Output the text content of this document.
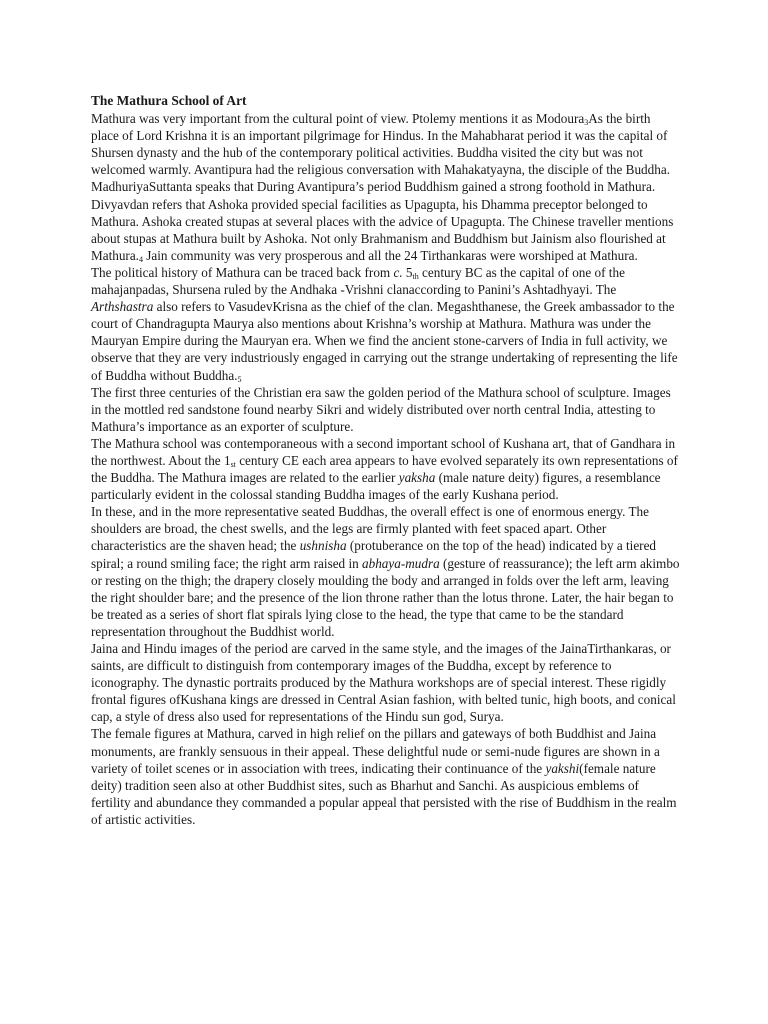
The Mathura School of Art

Mathura was very important from the cultural point of view. Ptolemy mentions it as Modoura$_3$As the birth place of Lord Krishna it is an important pilgrimage for Hindus. In the Mahabharat period it was the capital of Shursen dynasty and the hub of the contemporary political activities. Buddha visited the city but was not welcomed warmly. Avantipura had the religious conversation with Mahakatyayna, the disciple of the Buddha. MadhuriyaSuttanta speaks that During Avantipura’s period Buddhism gained a strong foothold in Mathura. Divyavdan refers that Ashoka provided special facilities as Upagupta, his Dhamma preceptor belonged to Mathura. Ashoka created stupas at several places with the advice of Upagupta. The Chinese traveller mentions about stupas at Mathura built by Ashoka. Not only Brahmanism and Buddhism but Jainism also flourished at $Mathura._4$ Jain community was very prosperous and all the 24 Tirthankaras were worshiped at Mathura.

The political history of Mathura can be traced back from c. $5_{th}$ century BC as the capital of one of the mahajanpadas, Shursena ruled by the Andhaka -Vrishni clanaccording to Panini’s Ashtadhyayi. The Arthshastra also refers to VasudevKrisna as the chief of the clan. Megashthanese, the Greek ambassador to the court of Chandragupta Maurya also mentions about Krishna’s worship at Mathura. Mathura was under the Mauryan Empire during the Mauryan era. When we find the ancient stone-carvers of India in full activity, we observe that they are very industriously engaged in carrying out the strange undertaking of representing the life of Buddha without $Buddha._5$

The first three centuries of the Christian era saw the golden period of the Mathura school of sculpture. Images in the mottled red sandstone found nearby Sikri and widely distributed over north central India, attesting to Mathura’s importance as an exporter of sculpture.

The Mathura school was contemporaneous with a second important school of Kushana art, that of Gandhara in the northwest. About the $1_{st}$ century CE each area appears to have evolved separately its own representations of the Buddha. The Mathura images are related to the earlier yaksha (male nature deity) figures, a resemblance particularly evident in the colossal standing Buddha images of the early Kushana period.

In these, and in the more representative seated Buddhas, the overall effect is one of enormous energy. The shoulders are broad, the chest swells, and the legs are firmly planted with feet spaced apart. Other characteristics are the shaven head; the ushnisha (protuberance on the top of the head) indicated by a tiered spiral; a round smiling face; the right arm raised in abhaya-mudra (gesture of reassurance); the left arm akimbo or resting on the thigh; the drapery closely moulding the body and arranged in folds over the left arm, leaving the right shoulder bare; and the presence of the lion throne rather than the lotus throne. Later, the hair began to be treated as a series of short flat spirals lying close to the head, the type that came to be the standard representation throughout the Buddhist world.

Jaina and Hindu images of the period are carved in the same style, and the images of the JainaTirthankaras, or saints, are difficult to distinguish from contemporary images of the Buddha, except by reference to iconography. The dynastic portraits produced by the Mathura workshops are of special interest. These rigidly frontal figures ofKushana kings are dressed in Central Asian fashion, with belted tunic, high boots, and conical cap, a style of dress also used for representations of the Hindu sun god, Surya.

The female figures at Mathura, carved in high relief on the pillars and gateways of both Buddhist and Jaina monuments, are frankly sensuous in their appeal. These delightful nude or semi-nude figures are shown in a variety of toilet scenes or in association with trees, indicating their continuance of the yakshi(female nature deity) tradition seen also at other Buddhist sites, such as Bharhut and Sanchi. As auspicious emblems of fertility and abundance they commanded a popular appeal that persisted with the rise of Buddhism in the realm of artistic activities.
